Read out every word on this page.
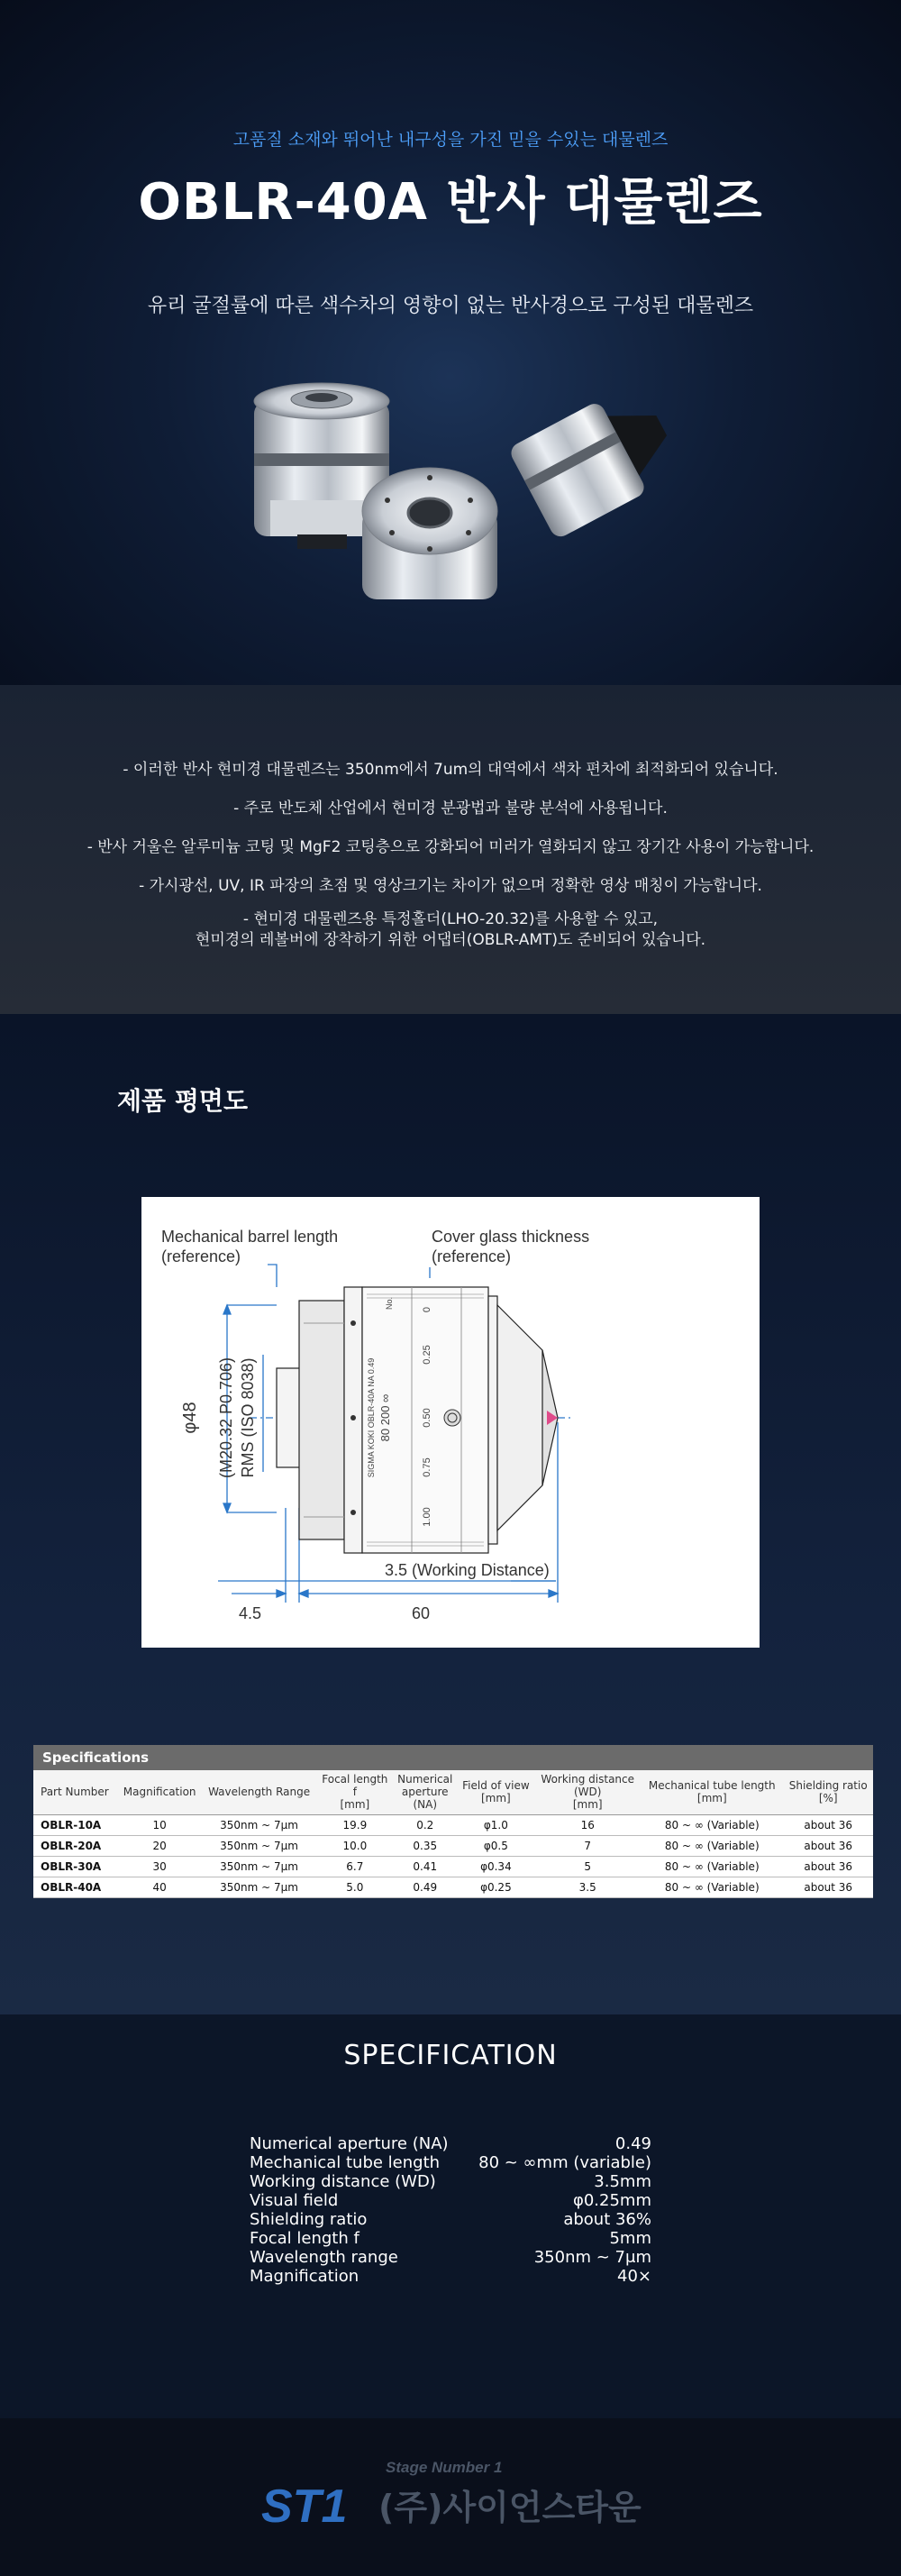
고품질 소재와 뛰어난 내구성을 가진 믿을 수있는 대물렌즈
OBLR-40A 반사 대물렌즈
유리 굴절률에 따른 색수차의 영향이 없는 반사경으로 구성된 대물렌즈
- 이러한 반사 현미경 대물렌즈는 350nm에서 7um의 대역에서 색차 편차에 최적화되어 있습니다.
- 주로 반도체 산업에서 현미경 분광법과 불량 분석에 사용됩니다.
- 반사 거울은 알루미늄 코팅 및 MgF2 코팅층으로 강화되어 미러가 열화되지 않고 장기간 사용이 가능합니다.
- 가시광선, UV, IR 파장의 초점 및 영상크기는 차이가 없으며 정확한 영상 매칭이 가능합니다.
- 현미경 대물렌즈용 특정홀더(LHO-20.32)를 사용할 수 있고,
현미경의 레볼버에 장착하기 위한 어댑터(OBLR-AMT)도 준비되어 있습니다.
제품 평면도
Mechanical barrel length
(reference)
Cover glass thickness
(reference)
φ48 (M20.32 P0.706) RMS (ISO 8038)
3.5 (Working Distance)
4.5	60
SIGMA KOKI OBLR-40A NA 0.49 80 200 ∞
No.	0
0.25
0.50
0.75
1.00
Specifications
Part Number	Magnification	Wavelength Range	Focal length
f
[mm]	Numerical
aperture
(NA)	Field of view
[mm]	Working distance
(WD)
[mm]	Mechanical tube length
[mm]	Shielding ratio
[%]
OBLR-10A	10	350nm ~ 7μm	19.9	0.2	φ1.0	16	80 ~ ∞ (Variable)	about 36
OBLR-20A	20	350nm ~ 7μm	10.0	0.35	φ0.5	7	80 ~ ∞ (Variable)	about 36
OBLR-30A	30	350nm ~ 7μm	6.7	0.41	φ0.34	5	80 ~ ∞ (Variable)	about 36
OBLR-40A	40	350nm ~ 7μm	5.0	0.49	φ0.25	3.5	80 ~ ∞ (Variable)	about 36
SPECIFICATION
Numerical aperture (NA)	0.49
Mechanical tube length 80 ~ ∞mm (variable)
Working distance (WD)	3.5mm
Visual field	φ0.25mm
Shielding ratio	about 36%
Focal length f	5mm
Wavelength range	350nm ~ 7μm
Magnification	40×
Stage Number 1
ST1 (주)사이언스타운
